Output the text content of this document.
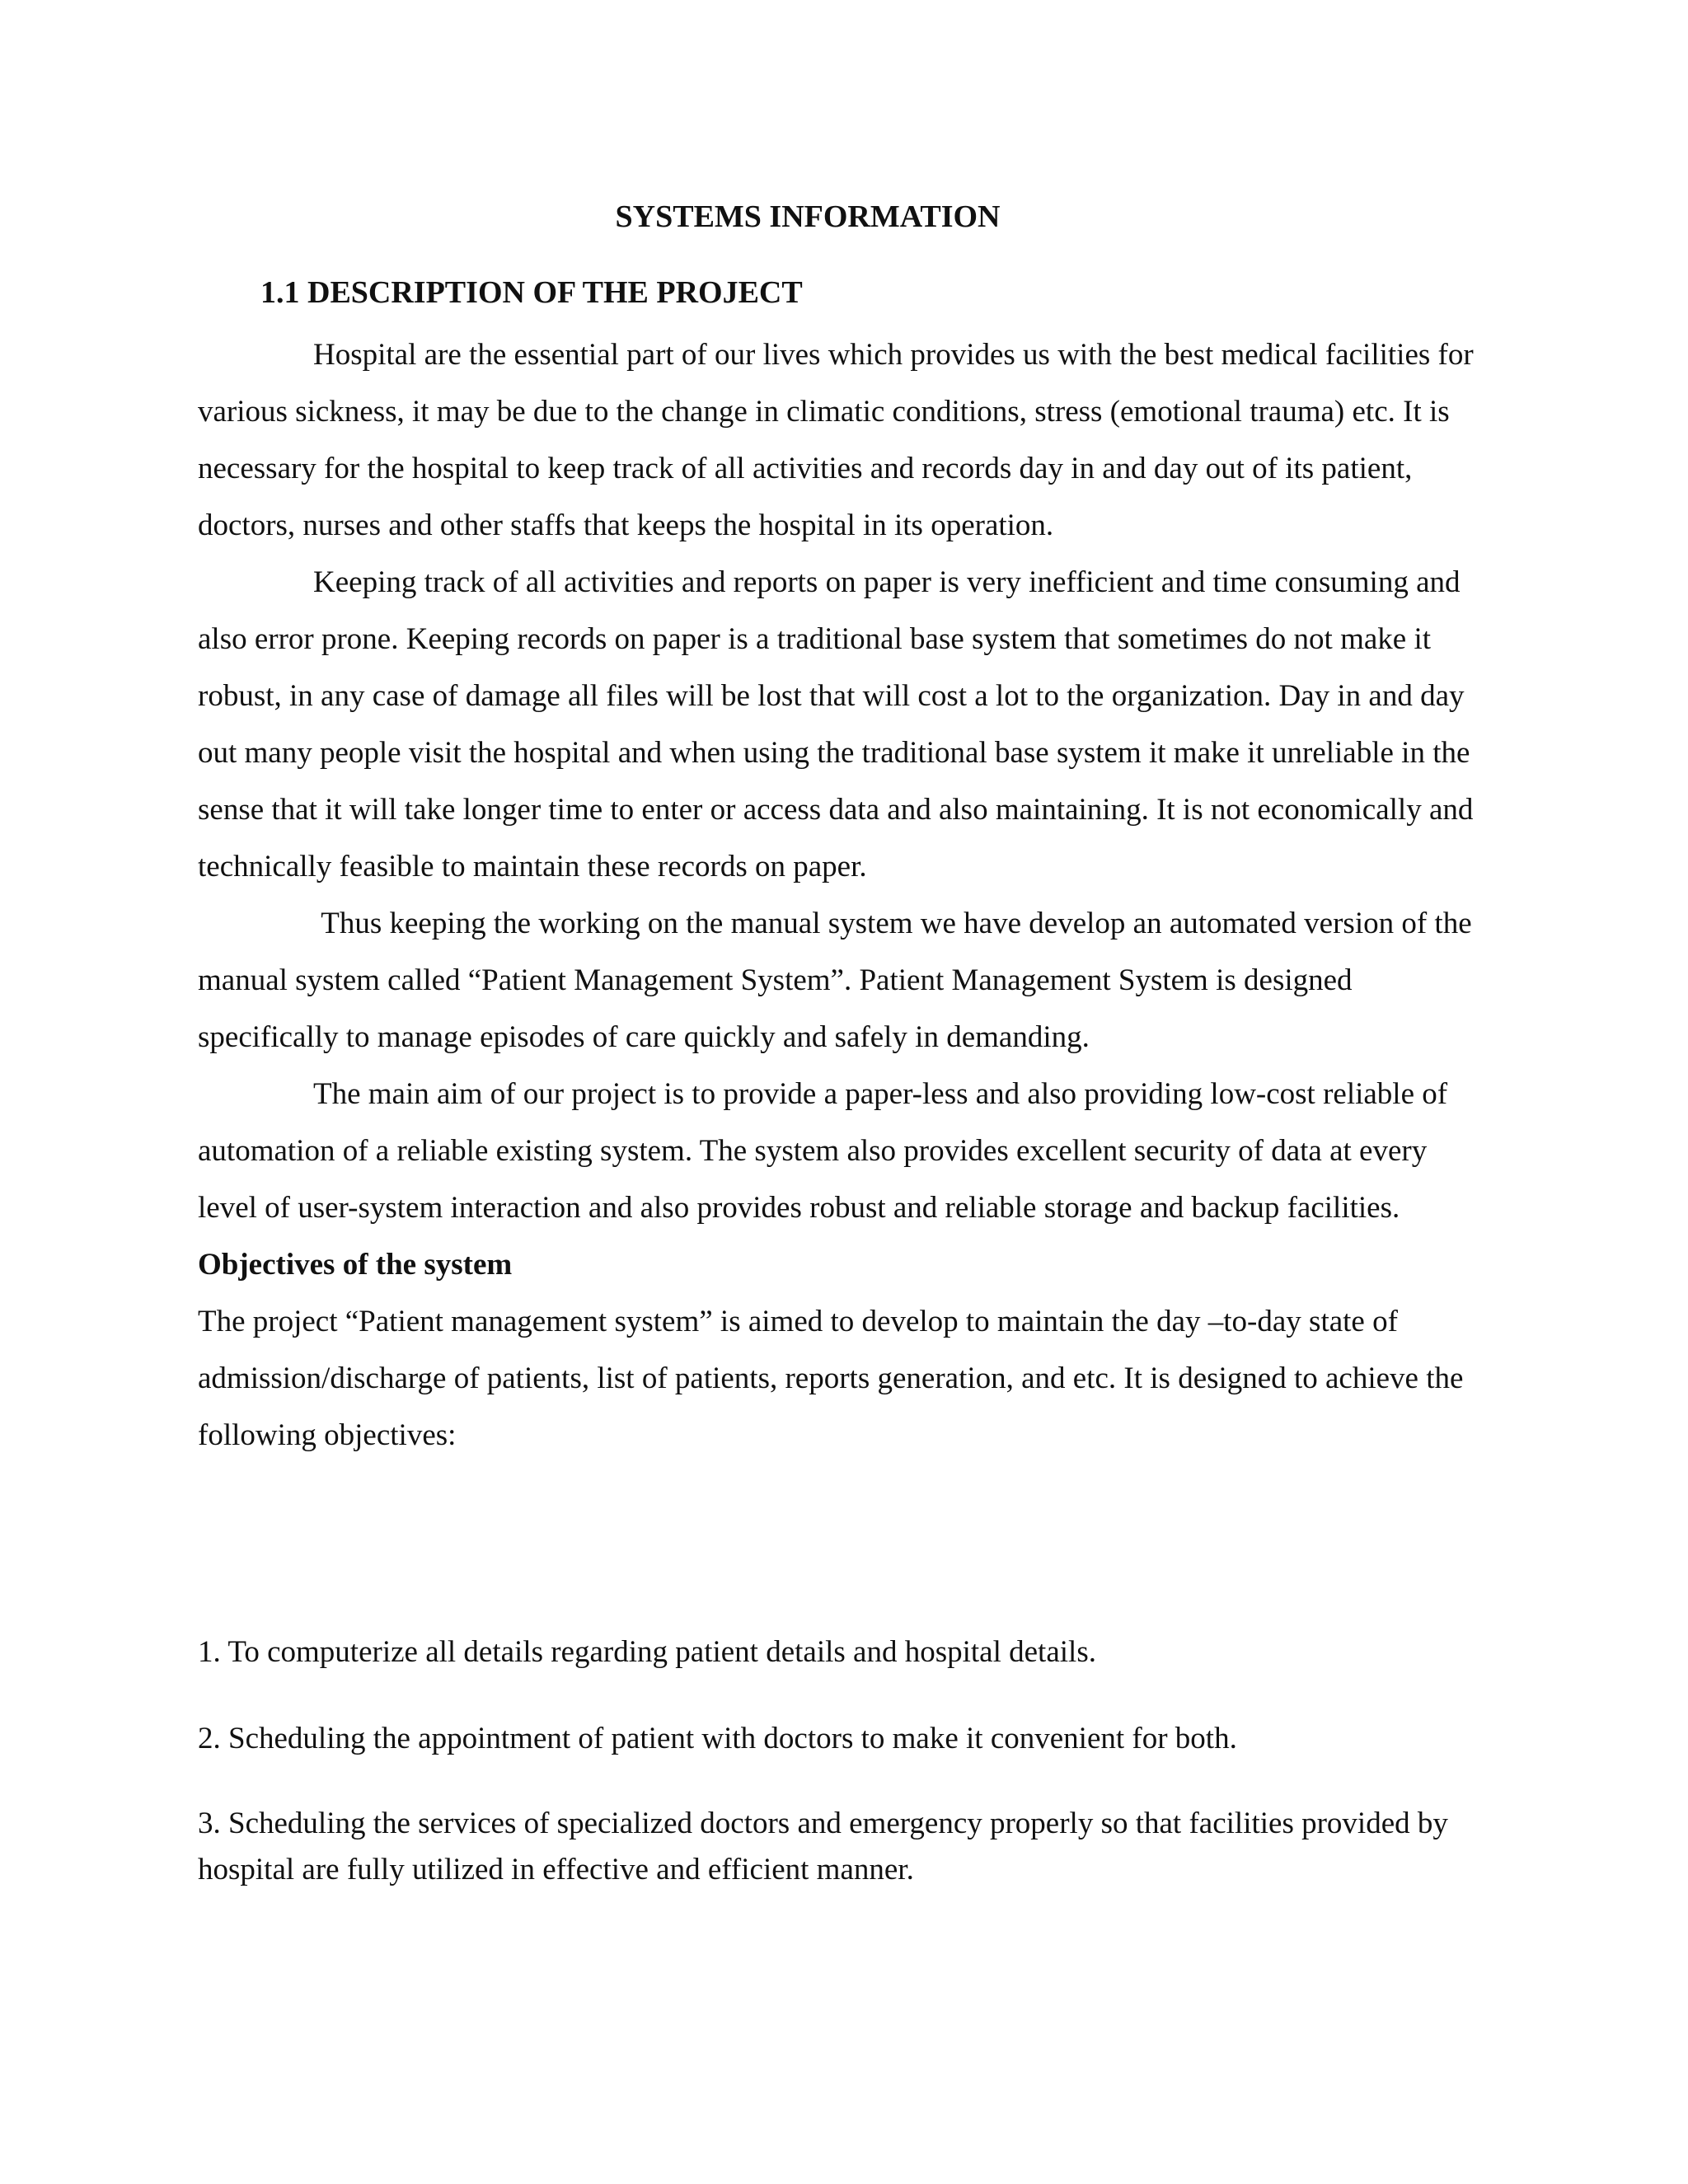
SYSTEMS INFORMATION
1.1 DESCRIPTION OF THE PROJECT

Hospital are the essential part of our lives which provides us with the best medical facilities for various sickness, it may be due to the change in climatic conditions, stress (emotional trauma) etc. It is necessary for the hospital to keep track of all activities and records day in and day out of its patient, doctors, nurses and other staffs that keeps the hospital in its operation.

Keeping track of all activities and reports on paper is very inefficient and time consuming and also error prone. Keeping records on paper is a traditional base system that sometimes do not make it robust, in any case of damage all files will be lost that will cost a lot to the organization. Day in and day out many people visit the hospital and when using the traditional base system it make it unreliable in the sense that it will take longer time to enter or access data and also maintaining. It is not economically and technically feasible to maintain these records on paper.

Thus keeping the working on the manual system we have develop an automated version of the manual system called “Patient Management System”. Patient Management System is designed specifically to manage episodes of care quickly and safely in demanding.

The main aim of our project is to provide a paper-less and also providing low-cost reliable of automation of a reliable existing system. The system also provides excellent security of data at every level of user-system interaction and also provides robust and reliable storage and backup facilities.

Objectives of the system

The project “Patient management system” is aimed to develop to maintain the day –to-day state of admission/discharge of patients, list of patients, reports generation, and etc. It is designed to achieve the following objectives:

1. To computerize all details regarding patient details and hospital details.

2. Scheduling the appointment of patient with doctors to make it convenient for both.

3. Scheduling the services of specialized doctors and emergency properly so that facilities provided by hospital are fully utilized in effective and efficient manner.
